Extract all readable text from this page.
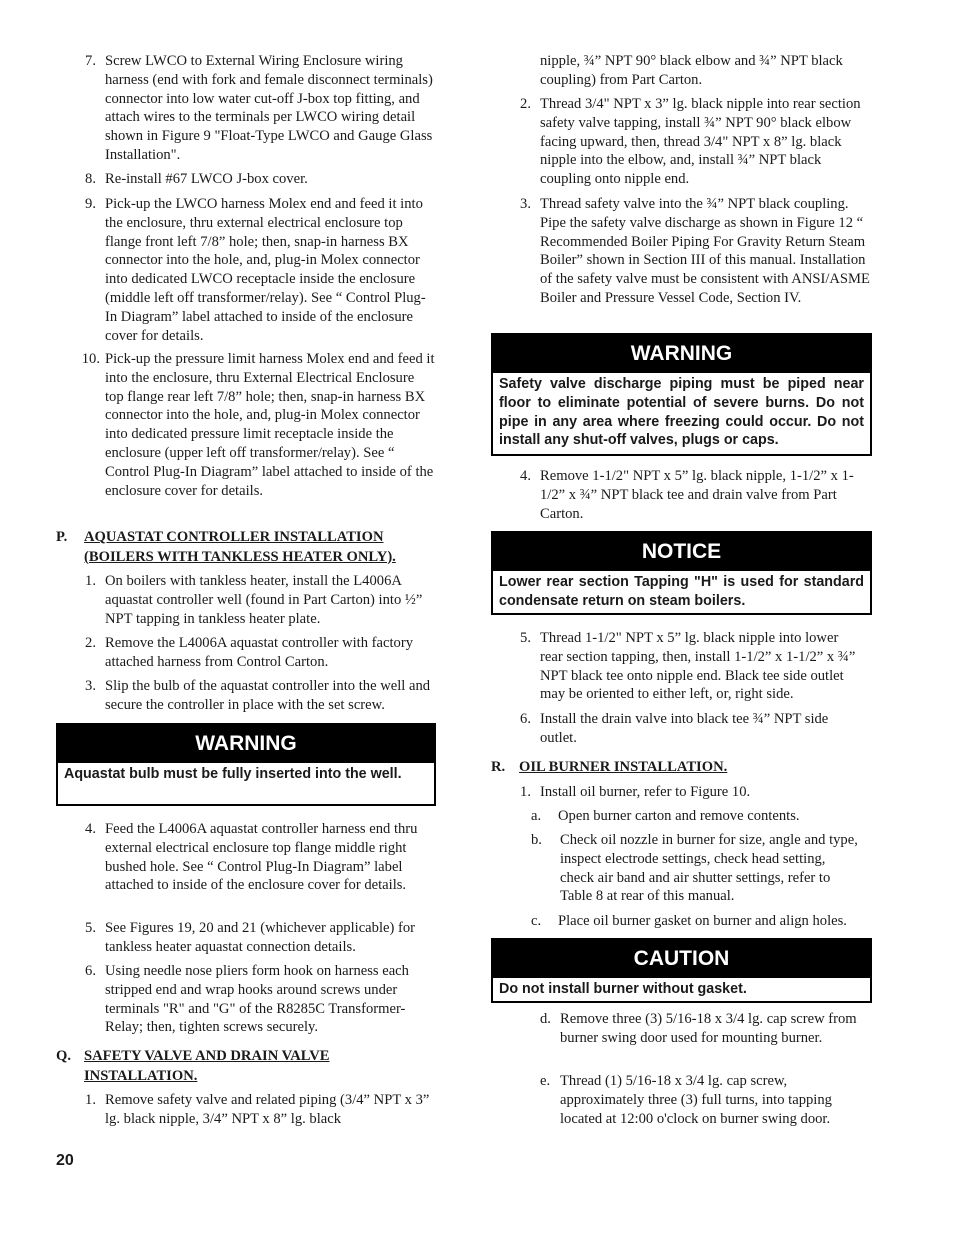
7. Screw LWCO to External Wiring Enclosure wiring harness (end with fork and female disconnect terminals) connector into low water cut-off J-box top fitting, and attach wires to the terminals per LWCO wiring detail shown in Figure 9 "Float-Type LWCO and Gauge Glass Installation".
8. Re-install #67 LWCO J-box cover.
9. Pick-up the LWCO harness Molex end and feed it into the enclosure, thru external electrical enclosure top flange front left 7/8” hole; then, snap-in harness BX connector into the hole, and, plug-in Molex connector into dedicated LWCO receptacle inside the enclosure (middle left off transformer/relay). See “ Control Plug-In Diagram” label attached to inside of the enclosure cover for details.
10. Pick-up the pressure limit harness Molex end and feed it into the enclosure, thru External Electrical Enclosure top flange rear left 7/8” hole; then, snap-in harness BX connector into the hole, and, plug-in Molex connector into dedicated pressure limit receptacle inside the enclosure (upper left off transformer/relay). See “ Control Plug-In Diagram” label attached to inside of the enclosure cover for details.
P. AQUASTAT CONTROLLER INSTALLATION
(BOILERS WITH TANKLESS HEATER ONLY).
1. On boilers with tankless heater, install the L4006A aquastat controller well (found in Part Carton) into ½” NPT tapping in tankless heater plate.
2. Remove the L4006A aquastat controller with factory attached harness from Control Carton.
3. Slip the bulb of the aquastat controller into the well and secure the controller in place with the set screw.
WARNING
Aquastat bulb must be fully inserted into the well.
4. Feed the L4006A aquastat controller harness end thru external electrical enclosure top flange middle right bushed hole. See “ Control Plug-In Diagram” label attached to inside of the enclosure cover for details.
5. See Figures 19, 20 and 21 (whichever applicable) for tankless heater aquastat connection details.
6. Using needle nose pliers form hook on harness each stripped end and wrap hooks around screws under terminals "R" and "G" of the R8285C Transformer-Relay; then, tighten screws securely.
Q. SAFETY VALVE AND DRAIN VALVE
INSTALLATION.
1. Remove safety valve and related piping (3/4” NPT x 3” lg. black nipple, 3/4” NPT x 8” lg. black
nipple, ¾” NPT 90° black elbow and ¾” NPT black coupling) from Part Carton.
2. Thread 3/4" NPT x 3” lg. black nipple into rear section safety valve tapping, install ¾” NPT 90° black elbow facing upward, then, thread 3/4" NPT x 8” lg. black nipple into the elbow, and, install ¾” NPT black coupling onto nipple end.
3. Thread safety valve into the ¾” NPT black coupling. Pipe the safety valve discharge as shown in Figure 12 “ Recommended Boiler Piping For Gravity Return Steam Boiler” shown in Section III of this manual. Installation of the safety valve must be consistent with ANSI/ASME Boiler and Pressure Vessel Code, Section IV.
WARNING
Safety valve discharge piping must be piped near floor to eliminate potential of severe burns. Do not pipe in any area where freezing could occur. Do not install any shut-off valves, plugs or caps.
4. Remove 1-1/2" NPT x 5” lg. black nipple, 1-1/2” x 1-1/2” x ¾” NPT black tee and drain valve from Part Carton.
NOTICE
Lower rear section Tapping "H" is used for standard condensate return on steam boilers.
5. Thread 1-1/2" NPT x 5” lg. black nipple into lower rear section tapping, then, install 1-1/2” x 1-1/2” x ¾” NPT black tee onto nipple end. Black tee side outlet may be oriented to either left, or, right side.
6. Install the drain valve into black tee ¾” NPT side outlet.
R. OIL BURNER INSTALLATION.
1. Install oil burner, refer to Figure 10.
a.	Open burner carton and remove contents.
b.	Check oil nozzle in burner for size, angle and type, inspect electrode settings, check head setting, check air band and air shutter settings, refer to Table 8 at rear of this manual.
c.	Place oil burner gasket on burner and align holes.
CAUTION
Do not install burner without gasket.
d. Remove three (3) 5/16-18 x 3/4 lg. cap screw from burner swing door used for mounting burner.
e. Thread (1) 5/16-18 x 3/4 lg. cap screw, approximately three (3) full turns, into tapping located at 12:00 o'clock on burner swing door.
20
